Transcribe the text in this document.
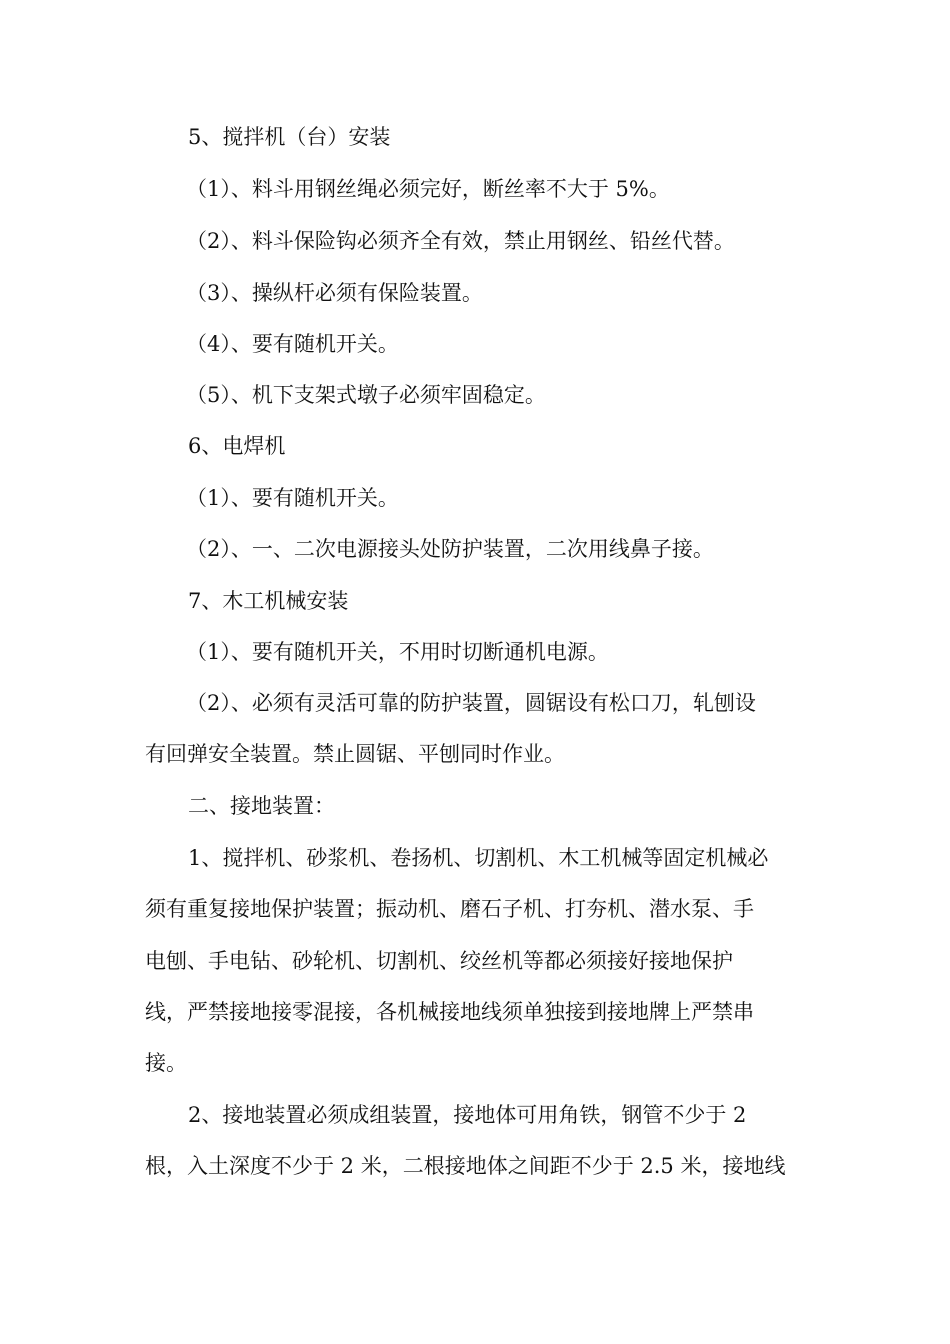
5、搅拌机（台）安装
（1）、料斗用钢丝绳必须完好，断丝率不大于 5%。
（2）、料斗保险钩必须齐全有效，禁止用钢丝、铅丝代替。
（3）、操纵杆必须有保险装置。
（4）、要有随机开关。
（5）、机下支架式墩子必须牢固稳定。
6、电焊机
（1）、要有随机开关。
（2）、一、二次电源接头处防护装置，二次用线鼻子接。
7、木工机械安装
（1）、要有随机开关，不用时切断通机电源。
（2）、必须有灵活可靠的防护装置，圆锯设有松口刀，轧刨设
有回弹安全装置。禁止圆锯、平刨同时作业。
二、接地装置：
1、搅拌机、砂浆机、卷扬机、切割机、木工机械等固定机械必
须有重复接地保护装置；振动机、磨石子机、打夯机、潜水泵、手
电刨、手电钻、砂轮机、切割机、绞丝机等都必须接好接地保护
线，严禁接地接零混接，各机械接地线须单独接到接地牌上严禁串
接。
2、接地装置必须成组装置，接地体可用角铁，钢管不少于 2
根，入土深度不少于 2 米，二根接地体之间距不少于 2.5 米，接地线
